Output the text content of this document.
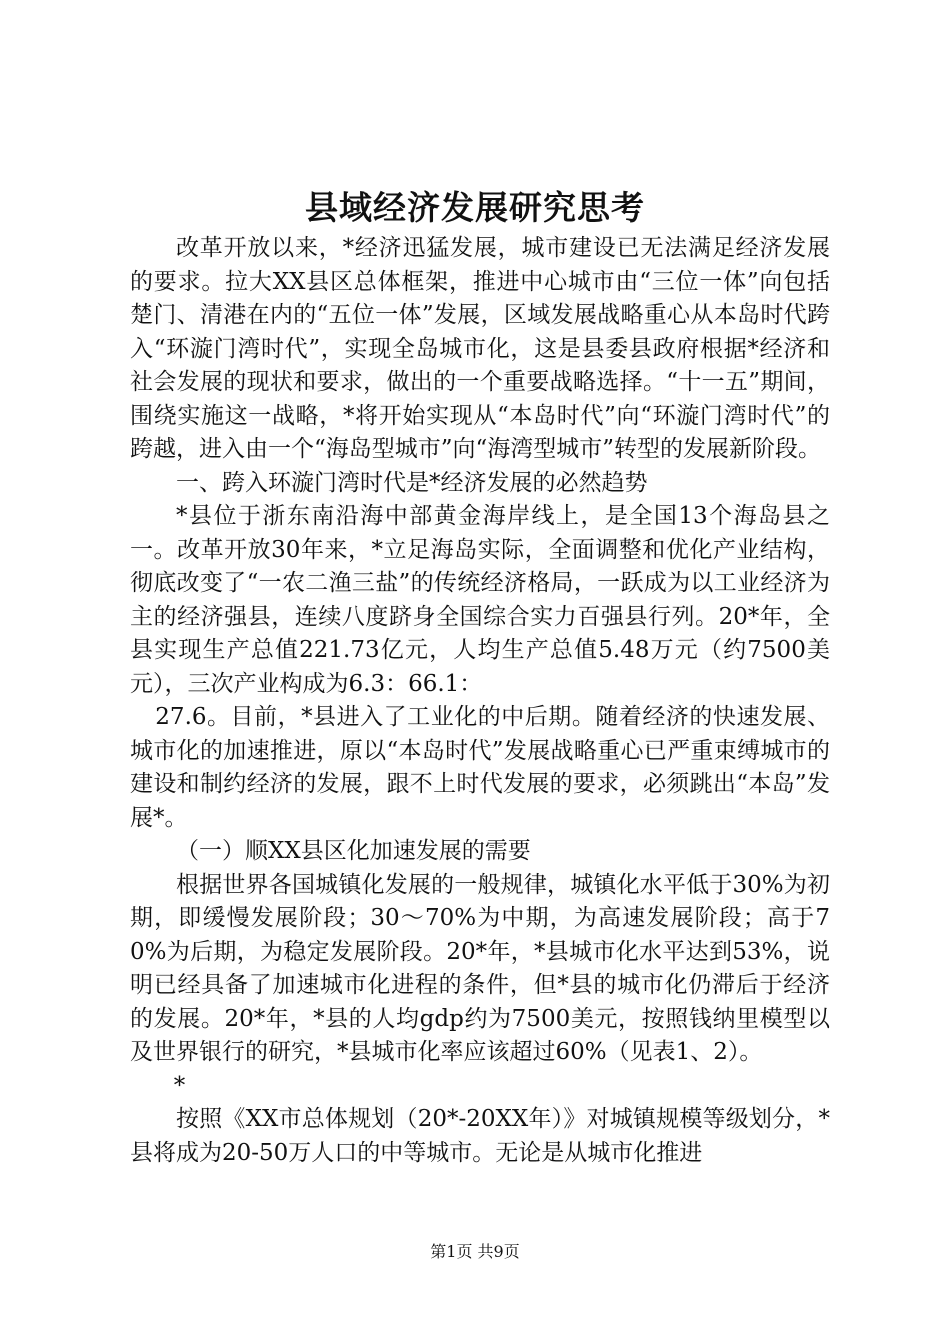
县域经济发展研究思考

改革开放以来，*经济迅猛发展，城市建设已无法满足经济发展的要求。拉大XX县区总体框架，推进中心城市由“三位一体”向包括楚门、清港在内的“五位一体”发展，区域发展战略重心从本岛时代跨入“环漩门湾时代”，实现全岛城市化，这是县委县政府根据*经济和社会发展的现状和要求，做出的一个重要战略选择。“十一五”期间，围绕实施这一战略，*将开始实现从“本岛时代”向“环漩门湾时代”的跨越，进入由一个“海岛型城市”向“海湾型城市”转型的发展新阶段。

一、跨入环漩门湾时代是*经济发展的必然趋势

*县位于浙东南沿海中部黄金海岸线上，是全国13个海岛县之一。改革开放30年来，*立足海岛实际，全面调整和优化产业结构，彻底改变了“一农二渔三盐”的传统经济格局，一跃成为以工业经济为主的经济强县，连续八度跻身全国综合实力百强县行列。20*年，全县实现生产总值221.73亿元，人均生产总值5.48万元（约7500美元），三次产业构成为6.3：66.1：

27.6。目前，*县进入了工业化的中后期。随着经济的快速发展、城市化的加速推进，原以“本岛时代”发展战略重心已严重束缚城市的建设和制约经济的发展，跟不上时代发展的要求，必须跳出“本岛”发展*。

（一）顺XX县区化加速发展的需要

根据世界各国城镇化发展的一般规律，城镇化水平低于30%为初期，即缓慢发展阶段；30～70%为中期，为高速发展阶段；高于70%为后期，为稳定发展阶段。20*年，*县城市化水平达到53%，说明已经具备了加速城市化进程的条件，但*县的城市化仍滞后于经济的发展。20*年，*县的人均gdp约为7500美元，按照钱纳里模型以及世界银行的研究，*县城市化率应该超过60%（见表1、2）。

*

按照《XX市总体规划（20*-20XX年）》对城镇规模等级划分，*县将成为20-50万人口的中等城市。无论是从城市化推进

第1页 共9页
